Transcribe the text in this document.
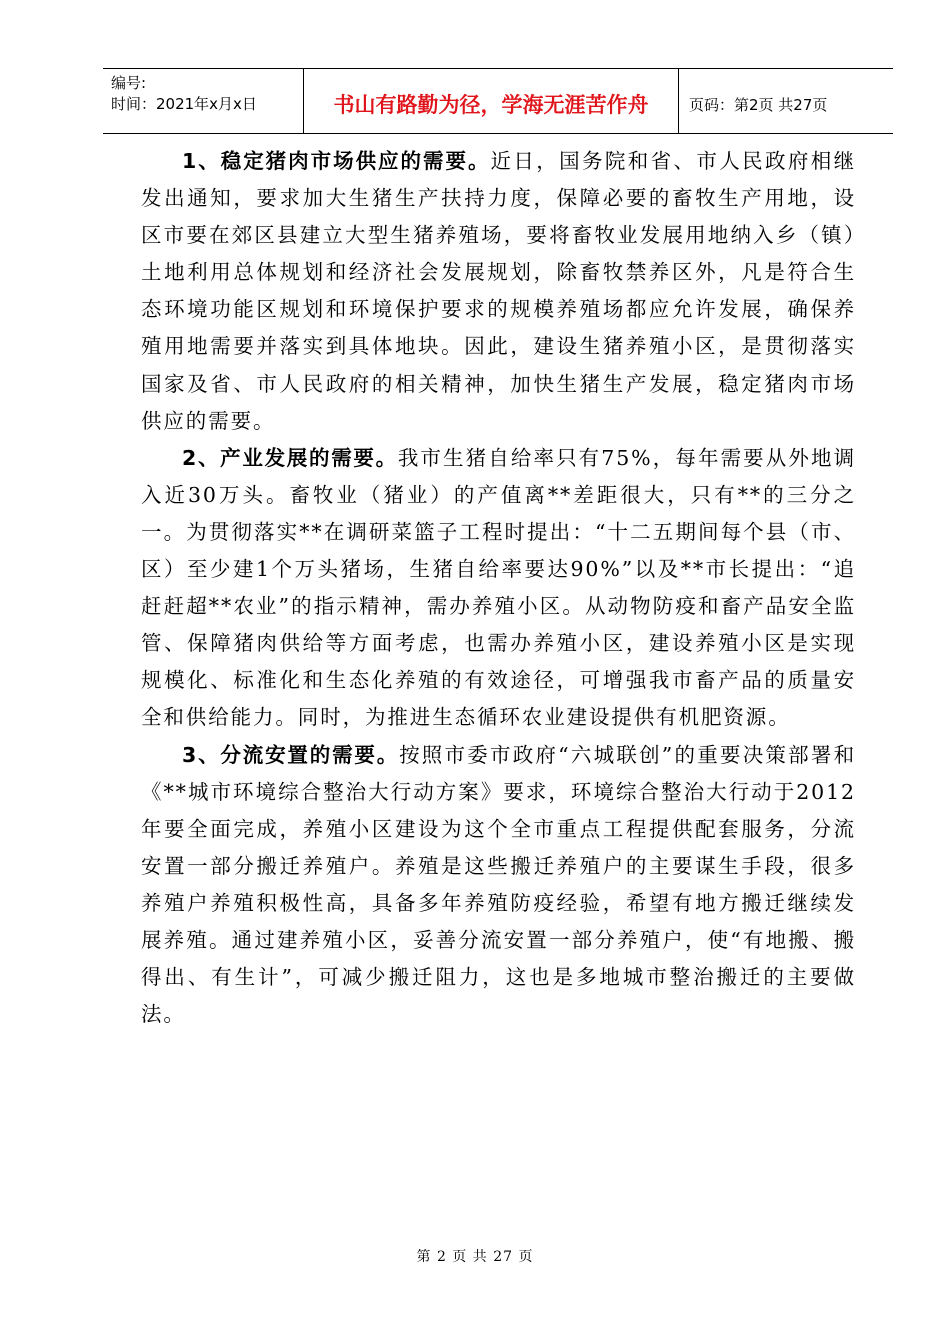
编号:
时间：2021年x月x日	书山有路勤为径，学海无涯苦作舟	页码：第2页 共27页

1、稳定猪肉市场供应的需要。近日，国务院和省、市人民政府相继发出通知，要求加大生猪生产扶持力度，保障必要的畜牧生产用地，设区市要在郊区县建立大型生猪养殖场，要将畜牧业发展用地纳入乡（镇）土地利用总体规划和经济社会发展规划，除畜牧禁养区外，凡是符合生态环境功能区规划和环境保护要求的规模养殖场都应允许发展，确保养殖用地需要并落实到具体地块。因此，建设生猪养殖小区，是贯彻落实国家及省、市人民政府的相关精神，加快生猪生产发展，稳定猪肉市场供应的需要。

2、产业发展的需要。我市生猪自给率只有75%，每年需要从外地调入近30万头。畜牧业（猪业）的产值离**差距很大，只有**的三分之一。为贯彻落实**在调研菜篮子工程时提出：“十二五期间每个县（市、区）至少建1个万头猪场，生猪自给率要达90%”以及**市长提出：“追赶赶超**农业”的指示精神，需办养殖小区。从动物防疫和畜产品安全监管、保障猪肉供给等方面考虑，也需办养殖小区，建设养殖小区是实现规模化、标准化和生态化养殖的有效途径，可增强我市畜产品的质量安全和供给能力。同时，为推进生态循环农业建设提供有机肥资源。

3、分流安置的需要。按照市委市政府“六城联创”的重要决策部署和《**城市环境综合整治大行动方案》要求，环境综合整治大行动于2012年要全面完成，养殖小区建设为这个全市重点工程提供配套服务，分流安置一部分搬迁养殖户。养殖是这些搬迁养殖户的主要谋生手段，很多养殖户养殖积极性高，具备多年养殖防疫经验，希望有地方搬迁继续发展养殖。通过建养殖小区，妥善分流安置一部分养殖户，使“有地搬、搬得出、有生计”，可减少搬迁阻力，这也是多地城市整治搬迁的主要做法。

第 2 页 共 27 页
